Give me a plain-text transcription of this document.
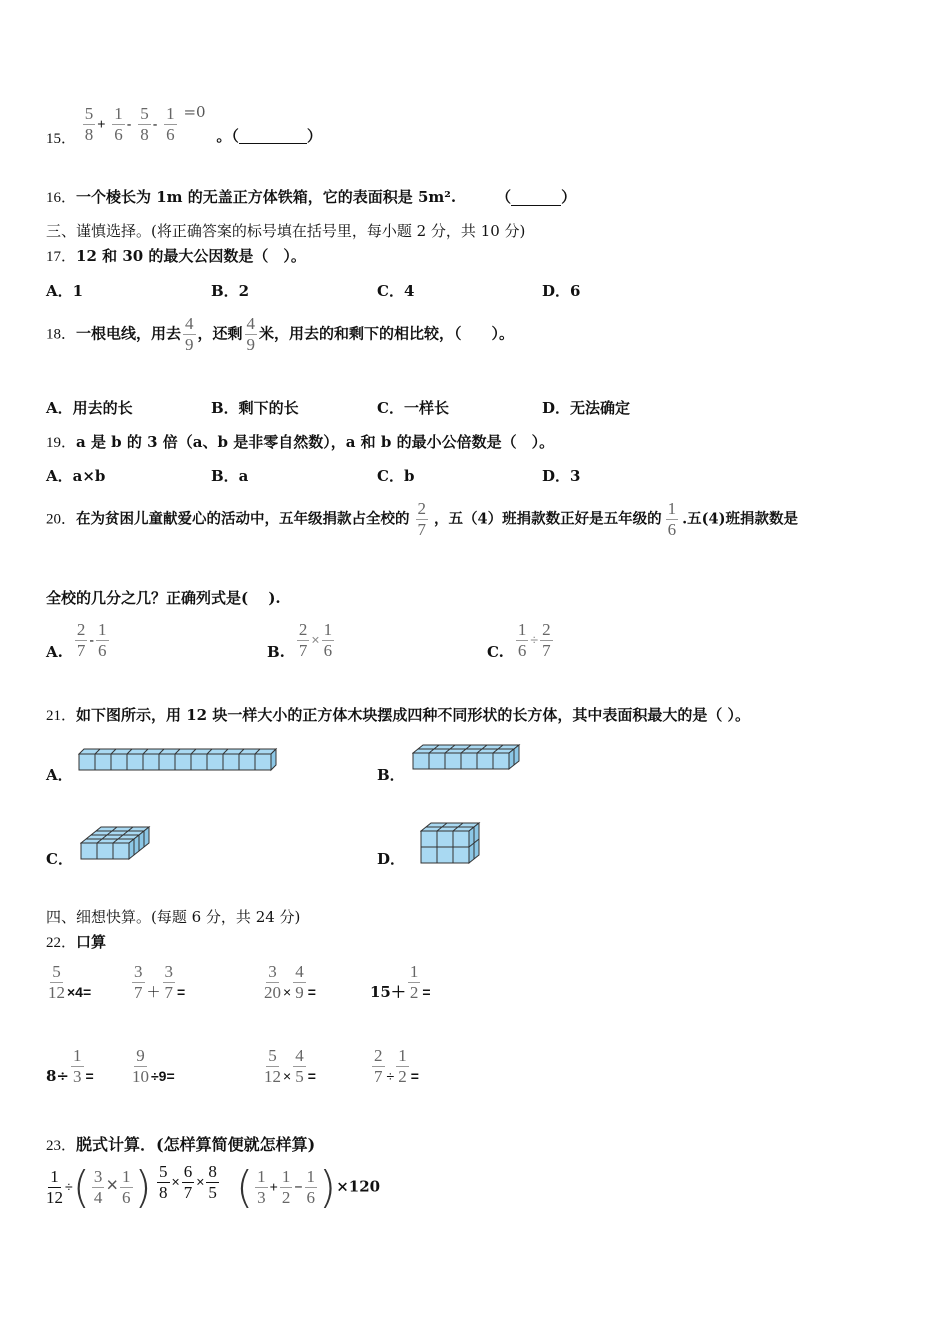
15． $\frac{5}{8} + \frac{1}{6} - \frac{5}{8} - \frac{1}{6} =0$ 。（	）
16．一个棱长为 1m 的无盖正方体铁箱，它的表面积是 5m².	（	）
三、谨慎选择。(将正确答案的标号填在括号里，每小题 2 分，共 10 分)
17．12 和 30 的最大公因数是（　）。
A．1	B．2	C．4	D．6
18．一根电线，用去 $\frac{4}{9}$ ，还剩 $\frac{4}{9}$ 米，用去的和剩下的相比较，（　　）。
A．用去的长	B．剩下的长	C．一样长	D．无法确定
19．a 是 b 的 3 倍（a、b 是非零自然数），a 和 b 的最小公倍数是（　）。
A．a×b	B．a	C．b	D．3
20．在为贫困儿童献爱心的活动中，五年级捐款占全校的 $\frac{2}{7}$ ，五（4）班捐款数正好是五年级的 $\frac{1}{6}$ .五(4)班捐款数是
全校的几分之几？正确列式是(　 ).
A. $\frac{2}{7} - \frac{1}{6}$	B. $\frac{2}{7} \times \frac{1}{6}$	C. $\frac{1}{6} \div \frac{2}{7}$
21．如下图所示，用 12 块一样大小的正方体木块摆成四种不同形状的长方体，其中表面积最大的是（ ）。
A．	B．
C．	D．
四、细想快算。(每题 6 分，共 24 分)
22．口算
$\frac{5}{12} \times 4= \frac{3}{7} + \frac{3}{7}$ =	$\frac{3}{20} \times \frac{4}{9}$ =	$15+ \frac{1}{2}$ =
$8\div \frac{1}{3} = \frac{9}{10} \div 9=$	$\frac{5}{12} \times \frac{4}{5}$ =	$\frac{2}{7} \div \frac{1}{2}$ =
23．脱式计算．(怎样算简便就怎样算)
$\frac{1}{12}$ ÷( $\frac{3}{4} \times \frac{1}{6}$ ) $\frac{5}{8} \times \frac{6}{7} \times \frac{8}{5}$ ( $\frac{1}{3} + \frac{1}{2} - \frac{1}{6} )\times 120$
